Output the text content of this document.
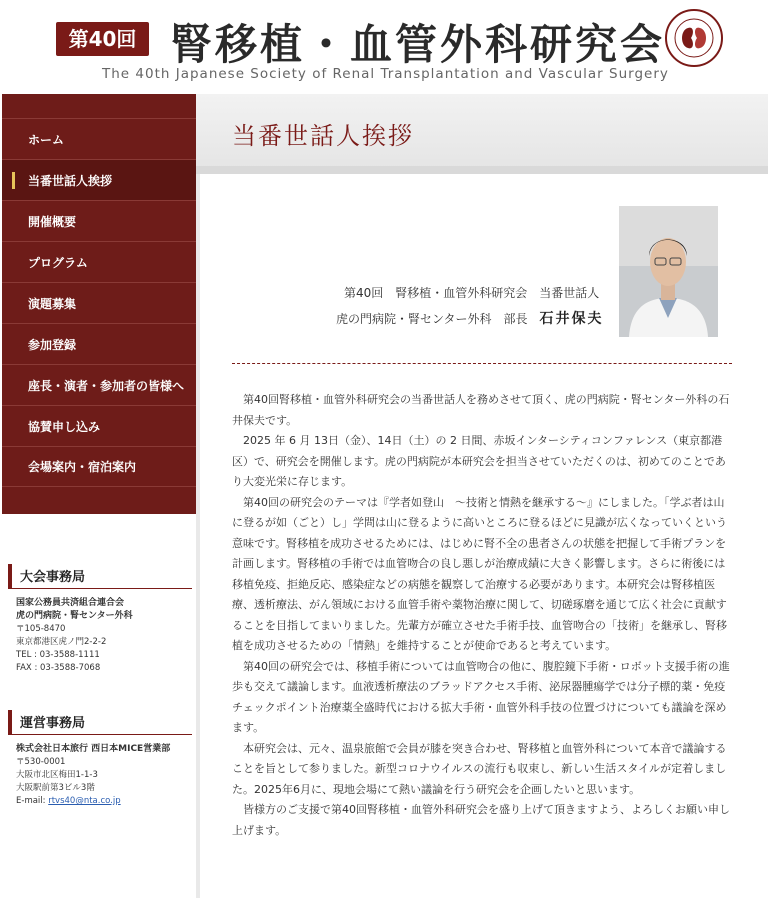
第40回 腎移植・血管外科研究会
The 40th Japanese Society of Renal Transplantation and Vascular Surgery
ホーム
当番世話人挨拶
開催概要
プログラム
演題募集
参加登録
座長・演者・参加者の皆様へ
協賛申し込み
会場案内・宿泊案内
大会事務局
国家公務員共済組合連合会
虎の門病院・腎センター外科
〒105-8470
東京都港区虎ノ門2-2-2
TEL : 03-3588-1111
FAX : 03-3588-7068
運営事務局
株式会社日本旅行 西日本MICE営業部
〒530-0001
大阪市北区梅田1-1-3
大阪駅前第3ビル3階
E-mail: rtvs40@nta.co.jp
当番世話人挨拶
第40回　腎移植・血管外科研究会　当番世話人
虎の門病院・腎センター外科　部長 石井保夫

第40回腎移植・血管外科研究会の当番世話人を務めさせて頂く、虎の門病院・腎センター外科の石井保夫です。

2025 年 6 月 13日（金）、14日（土）の 2 日間、赤坂インターシティコンファレンス（東京都港区）で、研究会を開催します。虎の門病院が本研究会を担当させていただくのは、初めてのことであり大変光栄に存じます。

第40回の研究会のテーマは『学者如登山　〜技術と情熱を継承する〜』にしました。「学ぶ者は山に登るが如（ごと）し」学問は山に登るように高いところに登るほどに見識が広くなっていくという意味です。腎移植を成功させるためには、はじめに腎不全の患者さんの状態を把握して手術プランを計画します。腎移植の手術では血管吻合の良し悪しが治療成績に大きく影響します。さらに術後には移植免疫、拒絶反応、感染症などの病態を観察して治療する必要があります。本研究会は腎移植医療、透析療法、がん領域における血管手術や薬物治療に関して、切磋琢磨を通じて広く社会に貢献することを目指してまいりました。先輩方が確立させた手術手技、血管吻合の「技術」を継承し、腎移植を成功させるための「情熱」を維持することが使命であると考えています。

第40回の研究会では、移植手術については血管吻合の他に、腹腔鏡下手術・ロボット支援手術の進歩も交えて議論します。血液透析療法のブラッドアクセス手術、泌尿器腫瘍学では分子標的薬・免疫チェックポイント治療薬全盛時代における拡大手術・血管外科手技の位置づけについても議論を深めます。

本研究会は、元々、温泉旅館で会員が膝を突き合わせ、腎移植と血管外科について本音で議論することを旨として参りました。新型コロナウイルスの流行も収束し、新しい生活スタイルが定着しました。2025年6月に、現地会場にて熱い議論を行う研究会を企画したいと思います。

皆様方のご支援で第40回腎移植・血管外科研究会を盛り上げて頂きますよう、よろしくお願い申し上げます。
